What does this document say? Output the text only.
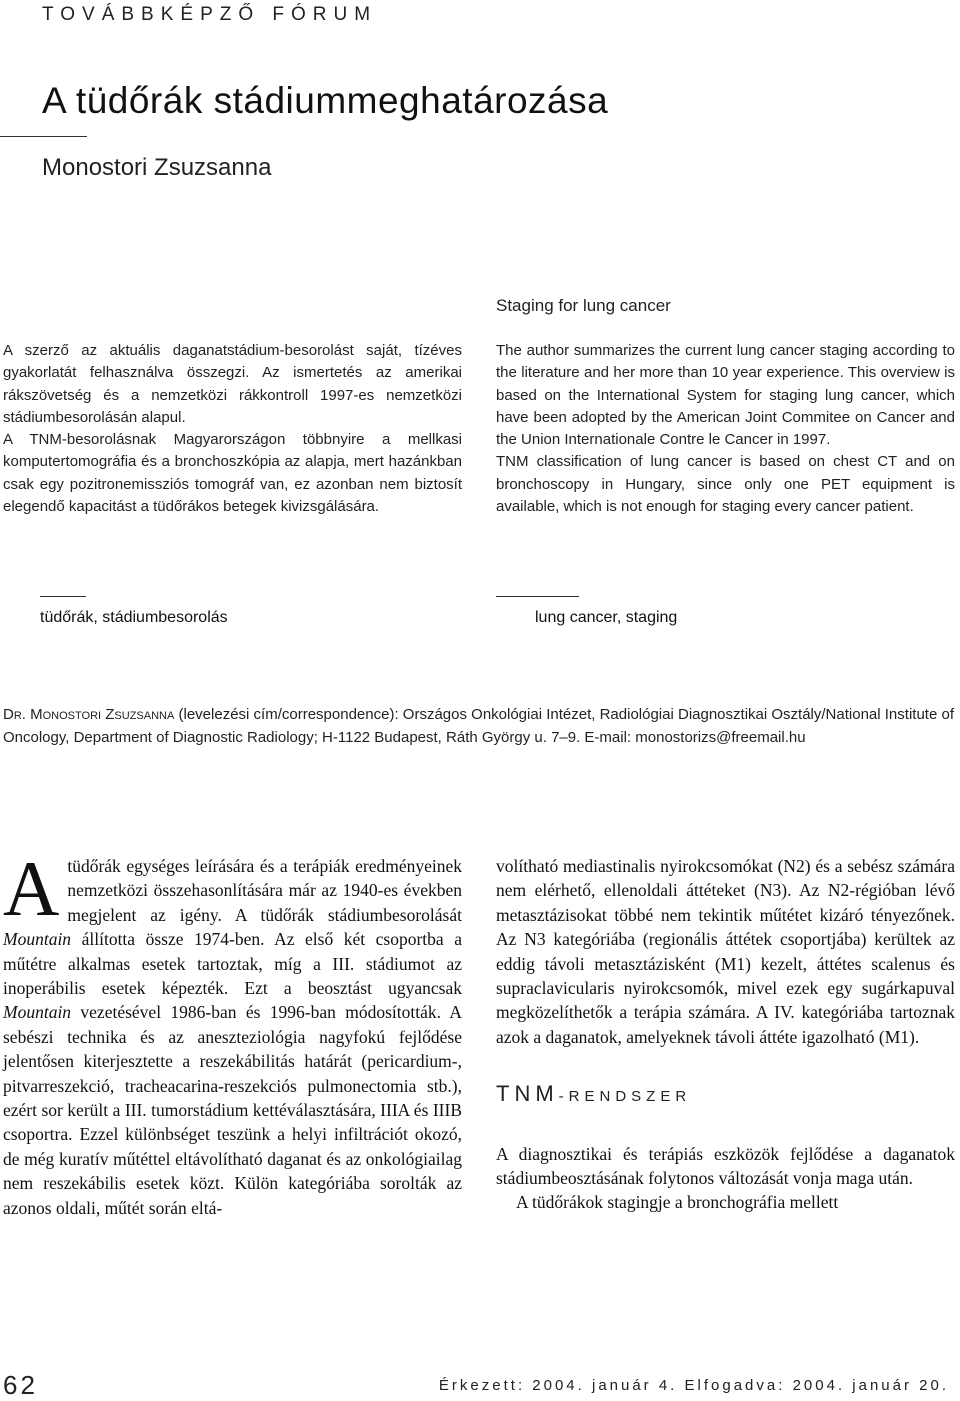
TOVÁBBKÉPZŐ FÓRUM
A tüdőrák stádiummeghatározása
Monostori Zsuzsanna
Staging for lung cancer

A szerző az aktuális daganatstádium-besorolást saját, tízéves gyakorlatát felhasználva összegzi. Az ismertetés az amerikai rákszövetség és a nemzetközi rákkontroll 1997-es nemzetközi stádiumbesorolásán alapul.

A TNM-besorolásnak Magyarországon többnyire a mellkasi komputertomográfia és a bronchoszkópia az alapja, mert hazánkban csak egy pozitronemissziós tomográf van, ez azonban nem biztosít elegendő kapacitást a tüdőrákos betegek kivizsgálására.

The author summarizes the current lung cancer staging according to the literature and her more than 10 year experience. This overview is based on the International System for staging lung cancer, which have been adopted by the American Joint Commitee on Cancer and the Union Internationale Contre le Cancer in 1997.

TNM classification of lung cancer is based on chest CT and on bronchoscopy in Hungary, since only one PET equipment is available, which is not enough for staging every cancer patient.

tüdőrák, stádiumbesorolás	lung cancer, staging
Dr. Monostori Zsuzsanna (levelezési cím/correspondence): Országos Onkológiai Intézet, Radiológiai Diagnosztikai Osztály/National Institute of Oncology, Department of Diagnostic Radiology; H-1122 Budapest, Ráth György u. 7–9. E-mail: monostorizs@freemail.hu

A tüdőrák egységes leírására és a terápiák eredményeinek nemzetközi összehasonlítására már az 1940-es években megjelent az igény. A tüdőrák stádiumbesorolását Mountain állította össze 1974-ben. Az első két csoportba a műtétre alkalmas esetek tartoztak, míg a III. stádiumot az inoperábilis esetek képezték. Ezt a beosztást ugyancsak Mountain vezetésével 1986-ban és 1996-ban módosították. A sebészi technika és az aneszteziológia nagyfokú fejlődése jelentősen kiterjesztette a reszekábilitás határát (pericardium-, pitvarreszekció, tracheacarina-reszekciós pulmonectomia stb.), ezért sor került a III. tumorstádium kettéválasztására, IIIA és IIIB csoportra. Ezzel különbséget teszünk a helyi infiltrációt okozó, de még kuratív műtéttel eltávolítható daganat és az onkológiailag nem reszekábilis esetek közt. Külön kategóriába sorolták az azonos oldali, műtét során eltá-

volítható mediastinalis nyirokcsomókat (N2) és a sebész számára nem elérhető, ellenoldali áttéteket (N3). Az N2-régióban lévő metasztázisokat többé nem tekintik műtétet kizáró tényezőnek. Az N3 kategóriába (regionális áttétek csoportjába) kerültek az eddig távoli metasztázisként (M1) kezelt, áttétes scalenus és supraclavicularis nyirokcsomók, mivel ezek egy sugárkapuval megközelíthetők a terápia számára. A IV. kategóriába tartoznak azok a daganatok, amelyeknek távoli áttéte igazolható (M1).

TNM-RENDSZER

A diagnosztikai és terápiás eszközök fejlődése a daganatok stádiumbeosztásának folytonos változását vonja maga után.

A tüdőrákok stagingje a bronchográfia mellett

62	Érkezett: 2004. január 4. Elfogadva: 2004. január 20.
